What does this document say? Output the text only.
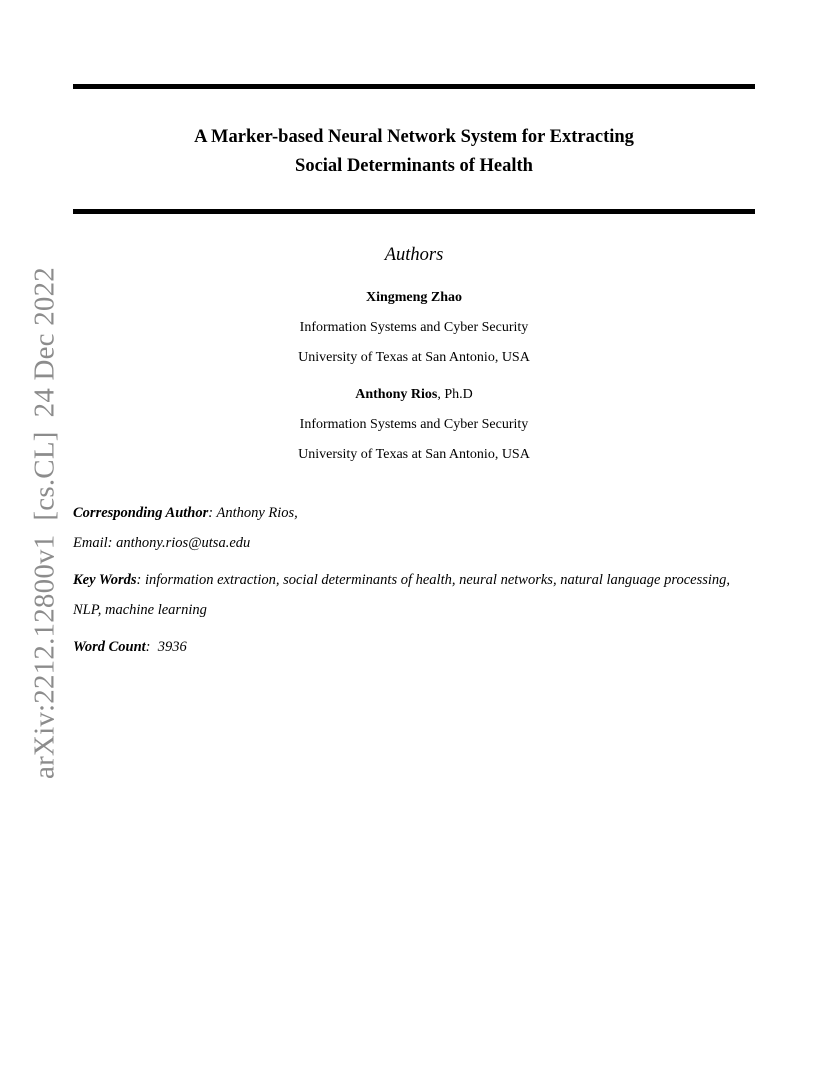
arXiv:2212.12800v1[cs.CL]24 Dec 2022
A Marker-based Neural Network System for Extracting
Social Determinants of Health
Authors
Xingmeng Zhao
Information Systems and Cyber Security
University of Texas at San Antonio, USA
Anthony Rios, Ph.D
Information Systems and Cyber Security
University of Texas at San Antonio, USA
Corresponding Author: Anthony Rios,
Email: anthony.rios@utsa.edu
Key Words: information extraction, social determinants of health, neural networks, natural language processing, NLP, machine learning
Word Count:  3936
